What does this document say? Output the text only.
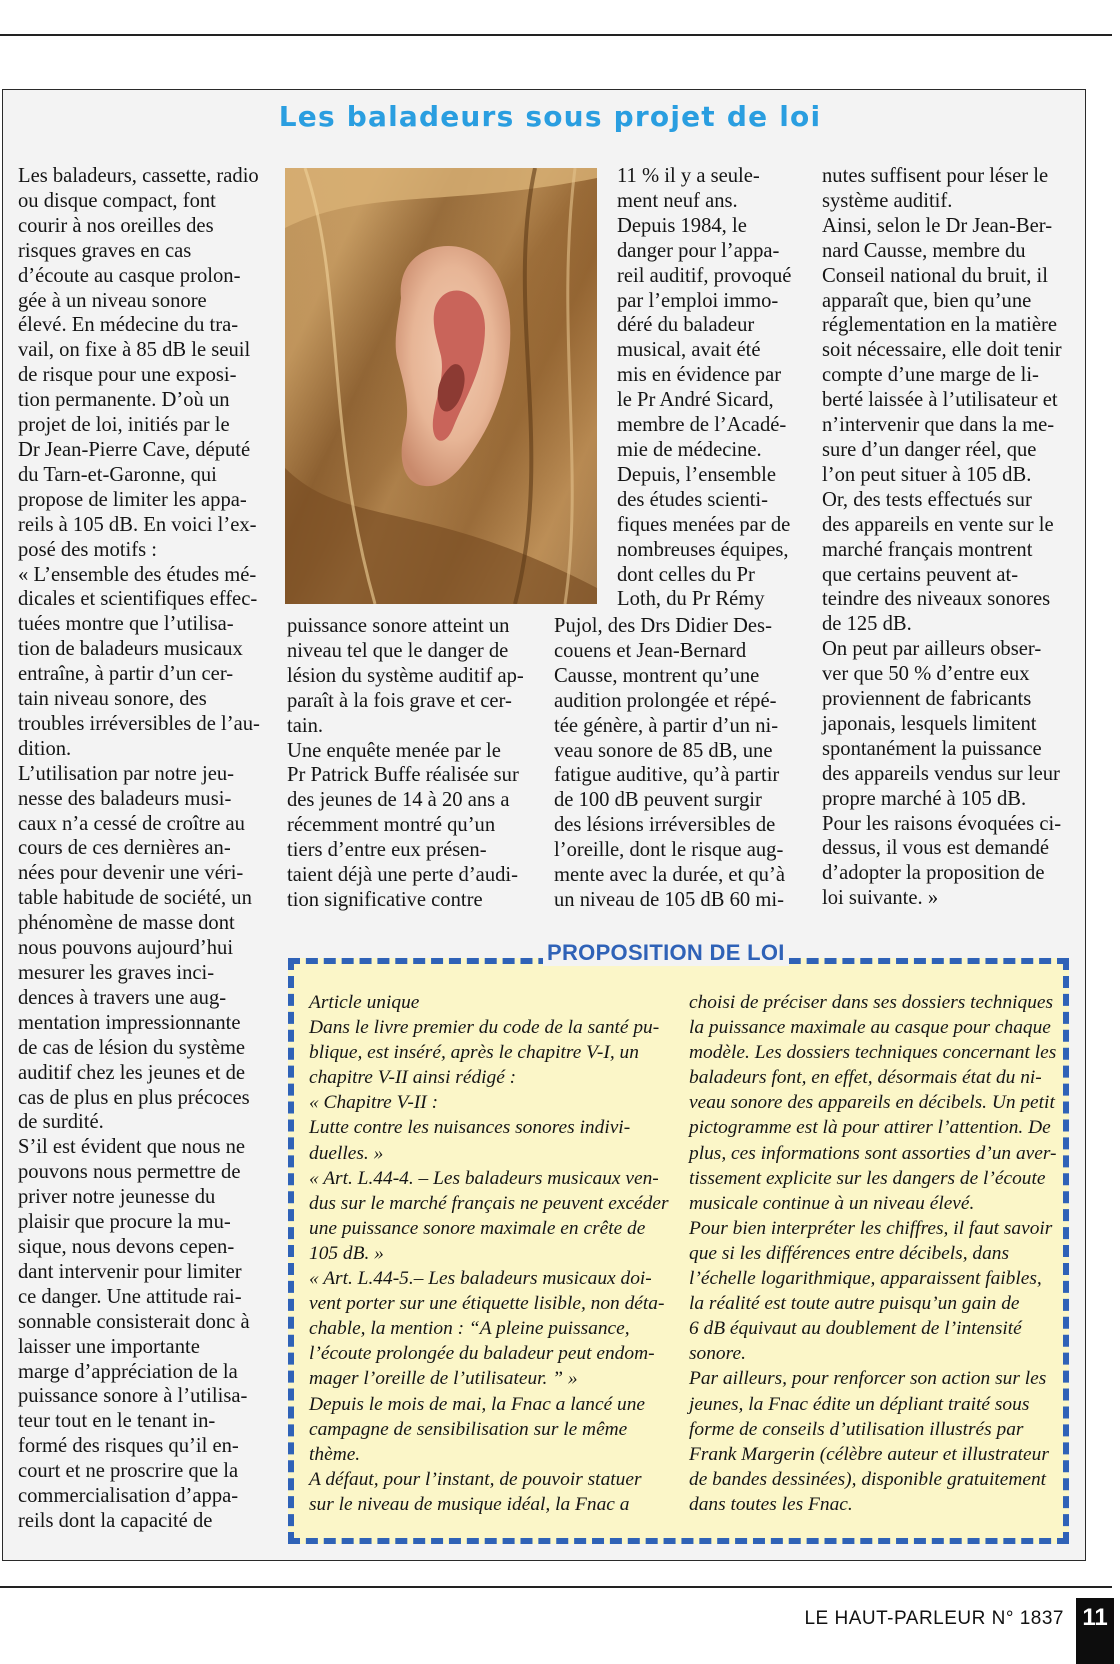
Les baladeurs sous projet de loi
Les baladeurs, cassette, radio
ou disque compact, font
courir à nos oreilles des
risques graves en cas
d’écoute au casque prolon-
gée à un niveau sonore
élevé. En médecine du tra-
vail, on fixe à 85 dB le seuil
de risque pour une exposi-
tion permanente. D’où un
projet de loi, initiés par le
Dr Jean-Pierre Cave, député
du Tarn-et-Garonne, qui
propose de limiter les appa-
reils à 105 dB. En voici l’ex-
posé des motifs :
« L’ensemble des études mé-
dicales et scientifiques effec-
tuées montre que l’utilisa-
tion de baladeurs musicaux
entraîne, à partir d’un cer-
tain niveau sonore, des
troubles irréversibles de l’au-
dition.
L’utilisation par notre jeu-
nesse des baladeurs musi-
caux n’a cessé de croître au
cours de ces dernières an-
nées pour devenir une véri-
table habitude de société, un
phénomène de masse dont
nous pouvons aujourd’hui
mesurer les graves inci-
dences à travers une aug-
mentation impressionnante
de cas de lésion du système
auditif chez les jeunes et de
cas de plus en plus précoces
de surdité.
S’il est évident que nous ne
pouvons nous permettre de
priver notre jeunesse du
plaisir que procure la mu-
sique, nous devons cepen-
dant intervenir pour limiter
ce danger. Une attitude rai-
sonnable consisterait donc à
laisser une importante
marge d’appréciation de la
puissance sonore à l’utilisa-
teur tout en le tenant in-
formé des risques qu’il en-
court et ne proscrire que la
commercialisation d’appa-
reils dont la capacité de
11 % il y a seule-
ment neuf ans.
Depuis 1984, le
danger pour l’appa-
reil auditif, provoqué
par l’emploi immo-
déré du baladeur
musical, avait été
mis en évidence par
le Pr André Sicard,
membre de l’Acadé-
mie de médecine.
Depuis, l’ensemble
des études scienti-
fiques menées par de
nombreuses équipes,
dont celles du Pr
Loth, du Pr Rémy
puissance sonore atteint un
niveau tel que le danger de
lésion du système auditif ap-
paraît à la fois grave et cer-
tain.
Une enquête menée par le
Pr Patrick Buffe réalisée sur
des jeunes de 14 à 20 ans a
récemment montré qu’un
tiers d’entre eux présen-
taient déjà une perte d’audi-
tion significative contre
Pujol, des Drs Didier Des-
couens et Jean-Bernard
Causse, montrent qu’une
audition prolongée et répé-
tée génère, à partir d’un ni-
veau sonore de 85 dB, une
fatigue auditive, qu’à partir
de 100 dB peuvent surgir
des lésions irréversibles de
l’oreille, dont le risque aug-
mente avec la durée, et qu’à
un niveau de 105 dB 60 mi-
nutes suffisent pour léser le
système auditif.
Ainsi, selon le Dr Jean-Ber-
nard Causse, membre du
Conseil national du bruit, il
apparaît que, bien qu’une
réglementation en la matière
soit nécessaire, elle doit tenir
compte d’une marge de li-
berté laissée à l’utilisateur et
n’intervenir que dans la me-
sure d’un danger réel, que
l’on peut situer à 105 dB.
Or, des tests effectués sur
des appareils en vente sur le
marché français montrent
que certains peuvent at-
teindre des niveaux sonores
de 125 dB.
On peut par ailleurs obser-
ver que 50 % d’entre eux
proviennent de fabricants
japonais, lesquels limitent
spontanément la puissance
des appareils vendus sur leur
propre marché à 105 dB.
Pour les raisons évoquées ci-
dessus, il vous est demandé
d’adopter la proposition de
loi suivante. »
PROPOSITION DE LOI
Article unique
Dans le livre premier du code de la santé pu-
blique, est inséré, après le chapitre V-I, un
chapitre V-II ainsi rédigé :
« Chapitre V-II :
Lutte contre les nuisances sonores indivi-
duelles. »
« Art. L.44-4. – Les baladeurs musicaux ven-
dus sur le marché français ne peuvent excéder
une puissance sonore maximale en crête de
105 dB. »
« Art. L.44-5.– Les baladeurs musicaux doi-
vent porter sur une étiquette lisible, non déta-
chable, la mention : “A pleine puissance,
l’écoute prolongée du baladeur peut endom-
mager l’oreille de l’utilisateur. ” »
Depuis le mois de mai, la Fnac a lancé une
campagne de sensibilisation sur le même
thème.
A défaut, pour l’instant, de pouvoir statuer
sur le niveau de musique idéal, la Fnac a
choisi de préciser dans ses dossiers techniques
la puissance maximale au casque pour chaque
modèle. Les dossiers techniques concernant les
baladeurs font, en effet, désormais état du ni-
veau sonore des appareils en décibels. Un petit
pictogramme est là pour attirer l’attention. De
plus, ces informations sont assorties d’un aver-
tissement explicite sur les dangers de l’écoute
musicale continue à un niveau élevé.
Pour bien interpréter les chiffres, il faut savoir
que si les différences entre décibels, dans
l’échelle logarithmique, apparaissent faibles,
la réalité est toute autre puisqu’un gain de
6 dB équivaut au doublement de l’intensité
sonore.
Par ailleurs, pour renforcer son action sur les
jeunes, la Fnac édite un dépliant traité sous
forme de conseils d’utilisation illustrés par
Frank Margerin (célèbre auteur et illustrateur
de bandes dessinées), disponible gratuitement
dans toutes les Fnac.
LE HAUT-PARLEUR N° 1837 11
